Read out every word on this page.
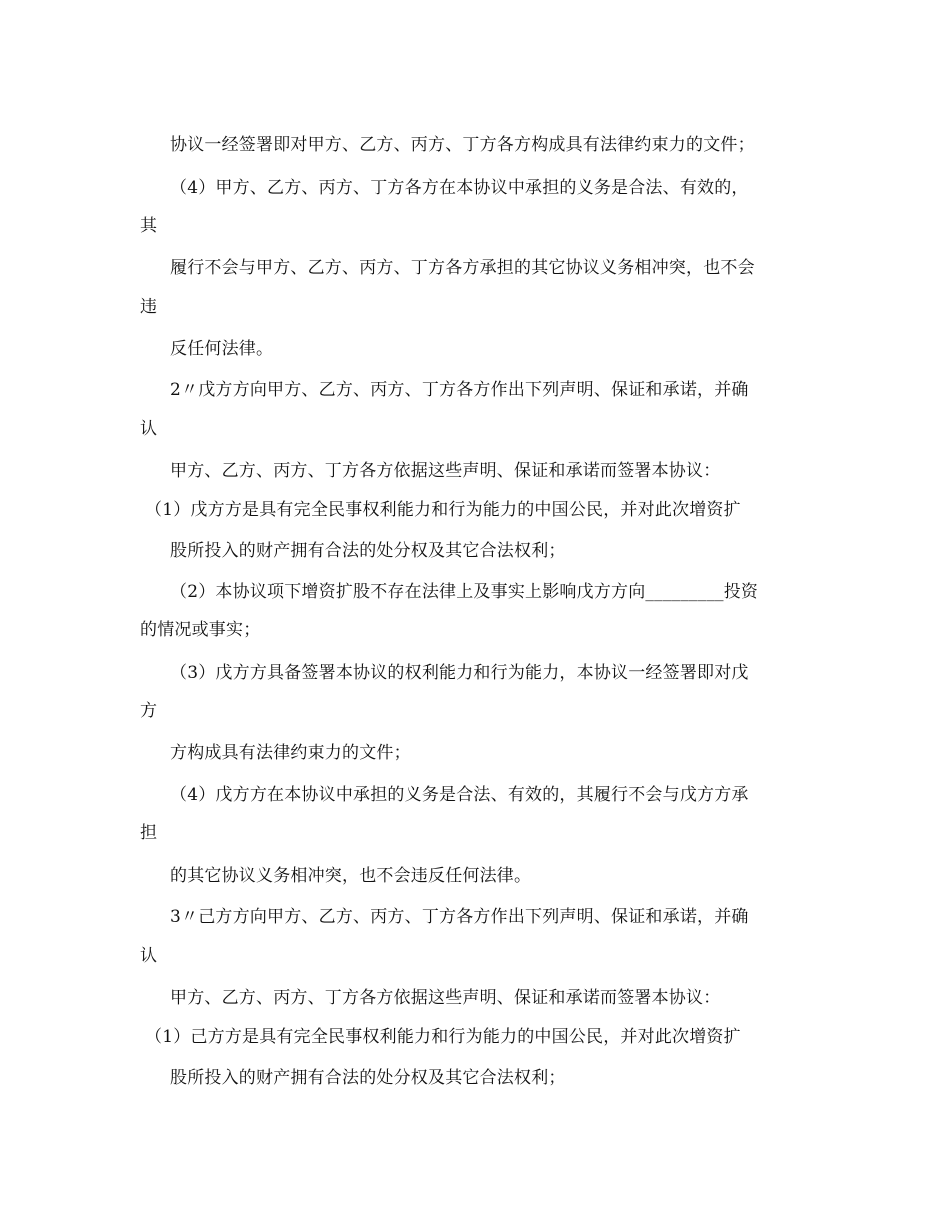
协议一经签署即对甲方、乙方、丙方、丁方各方构成具有法律约束力的文件；
（4）甲方、乙方、丙方、丁方各方在本协议中承担的义务是合法、有效的，
其
履行不会与甲方、乙方、丙方、丁方各方承担的其它协议义务相冲突，也不会
违
反任何法律。
2〃戊方方向甲方、乙方、丙方、丁方各方作出下列声明、保证和承诺，并确
认
甲方、乙方、丙方、丁方各方依据这些声明、保证和承诺而签署本协议：
（1）戊方方是具有完全民事权利能力和行为能力的中国公民，并对此次增资扩
股所投入的财产拥有合法的处分权及其它合法权利；
（2）本协议项下增资扩股不存在法律上及事实上影响戊方方向_________投资
的情况或事实；
（3）戊方方具备签署本协议的权利能力和行为能力，本协议一经签署即对戊
方
方构成具有法律约束力的文件；
（4）戊方方在本协议中承担的义务是合法、有效的，其履行不会与戊方方承
担
的其它协议义务相冲突，也不会违反任何法律。
3〃己方方向甲方、乙方、丙方、丁方各方作出下列声明、保证和承诺，并确
认
甲方、乙方、丙方、丁方各方依据这些声明、保证和承诺而签署本协议：
（1）己方方是具有完全民事权利能力和行为能力的中国公民，并对此次增资扩
股所投入的财产拥有合法的处分权及其它合法权利；
